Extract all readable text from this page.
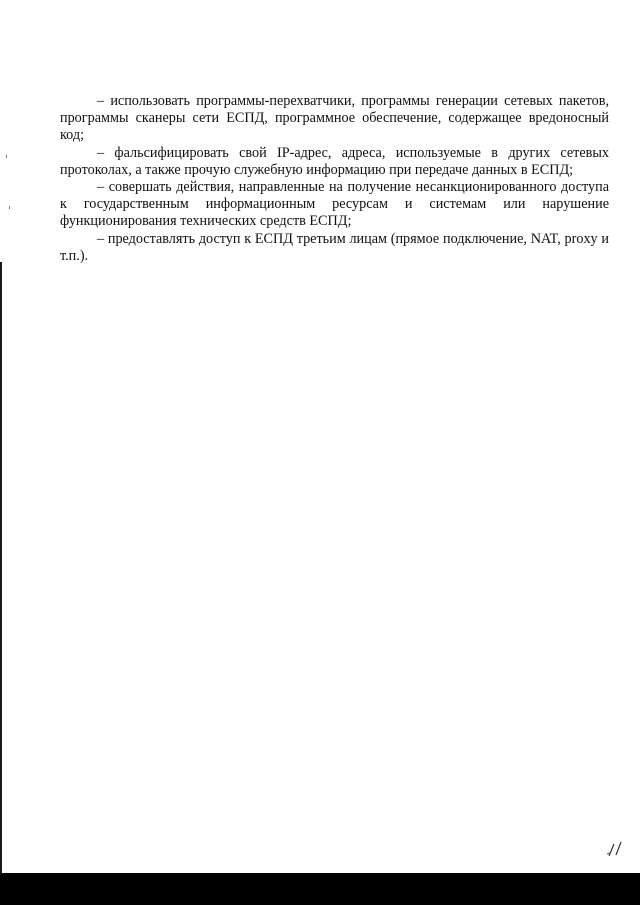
– использовать программы-перехватчики, программы генерации сетевых пакетов, программы сканеры сети ЕСПД, программное обеспечение, содержащее вредоносный код;

– фальсифицировать свой IP-адрес, адреса, используемые в других сетевых протоколах, а также прочую служебную информацию при передаче данных в ЕСПД;

– совершать действия, направленные на получение несанкционированного доступа к государственным информационным ресурсам и системам или нарушение функционирования технических средств ЕСПД;

– предоставлять доступ к ЕСПД третьим лицам (прямое подключение, NAT, proxy и т.п.).
